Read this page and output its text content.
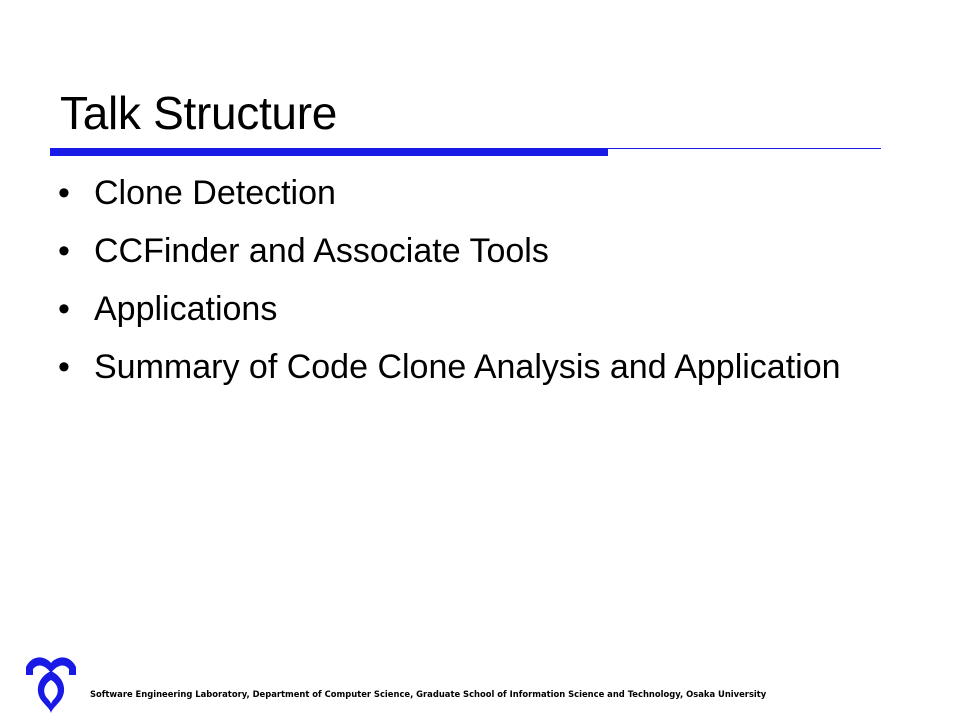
Talk Structure
• Clone Detection
• CCFinder and Associate Tools
• Applications
• Summary of Code Clone Analysis and Application
Software Engineering Laboratory, Department of Computer Science, Graduate School of Information Science and Technology, Osaka University
